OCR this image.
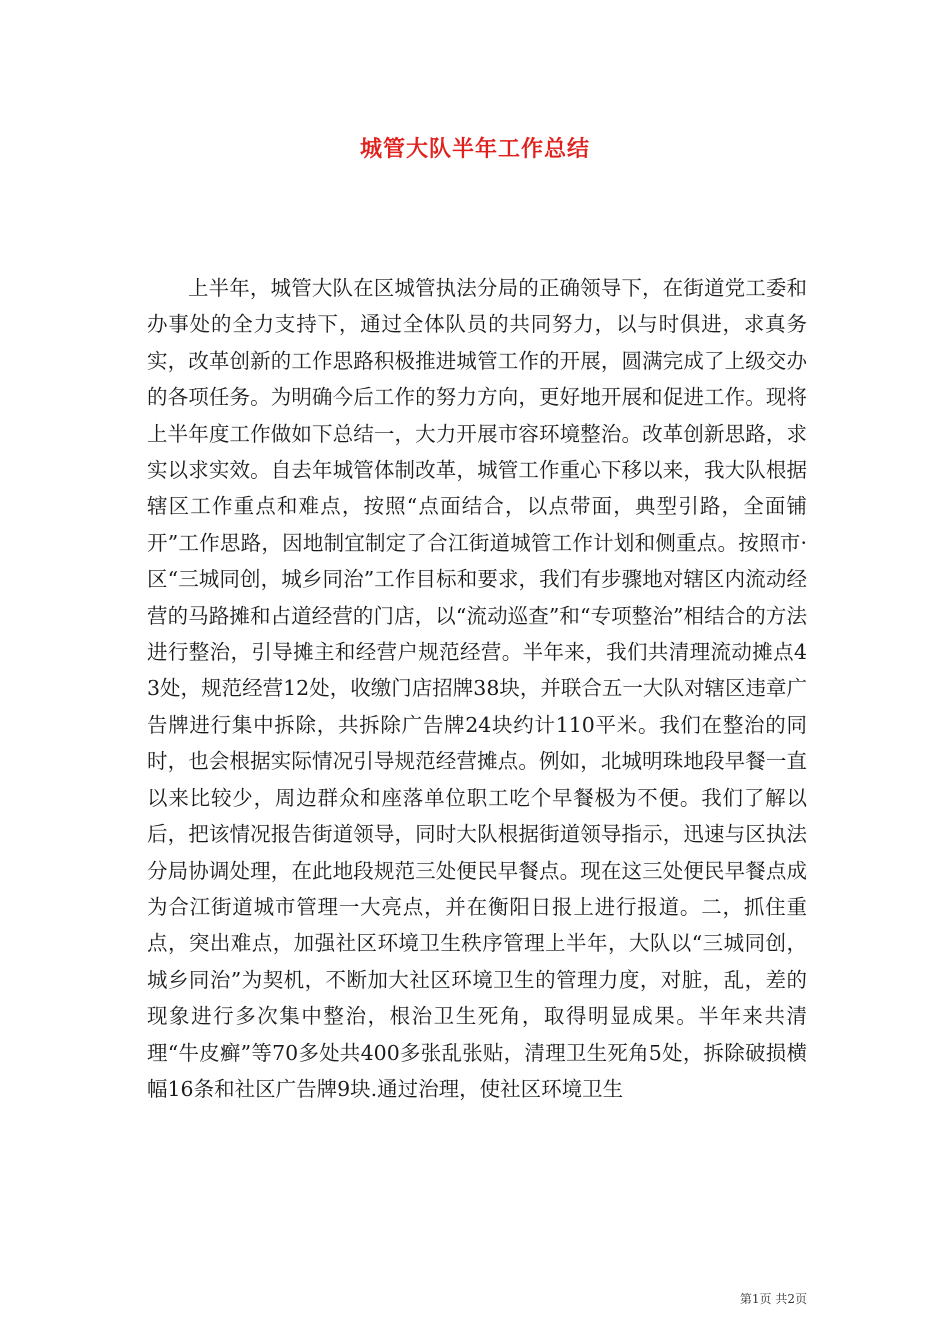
城管大队半年工作总结

上半年，城管大队在区城管执法分局的正确领导下，在街道党工委和办事处的全力支持下，通过全体队员的共同努力，以与时俱进，求真务实，改革创新的工作思路积极推进城管工作的开展，圆满完成了上级交办的各项任务。为明确今后工作的努力方向，更好地开展和促进工作。现将上半年度工作做如下总结一，大力开展市容环境整治。改革创新思路，求实以求实效。自去年城管体制改革，城管工作重心下移以来，我大队根据辖区工作重点和难点，按照“点面结合，以点带面，典型引路，全面铺开”工作思路，因地制宜制定了合江街道城管工作计划和侧重点。按照市·区“三城同创，城乡同治”工作目标和要求，我们有步骤地对辖区内流动经营的马路摊和占道经营的门店，以“流动巡查”和“专项整治”相结合的方法进行整治，引导摊主和经营户规范经营。半年来，我们共清理流动摊点43处，规范经营12处，收缴门店招牌38块，并联合五一大队对辖区违章广告牌进行集中拆除，共拆除广告牌24块约计110平米。我们在整治的同时，也会根据实际情况引导规范经营摊点。例如，北城明珠地段早餐一直以来比较少，周边群众和座落单位职工吃个早餐极为不便。我们了解以后，把该情况报告街道领导，同时大队根据街道领导指示，迅速与区执法分局协调处理，在此地段规范三处便民早餐点。现在这三处便民早餐点成为合江街道城市管理一大亮点，并在衡阳日报上进行报道。二，抓住重点，突出难点，加强社区环境卫生秩序管理上半年，大队以“三城同创，城乡同治”为契机，不断加大社区环境卫生的管理力度，对脏，乱，差的现象进行多次集中整治，根治卫生死角，取得明显成果。半年来共清理“牛皮癣”等70多处共400多张乱张贴，清理卫生死角5处，拆除破损横幅16条和社区广告牌9块.通过治理，使社区环境卫生

第1页 共2页
